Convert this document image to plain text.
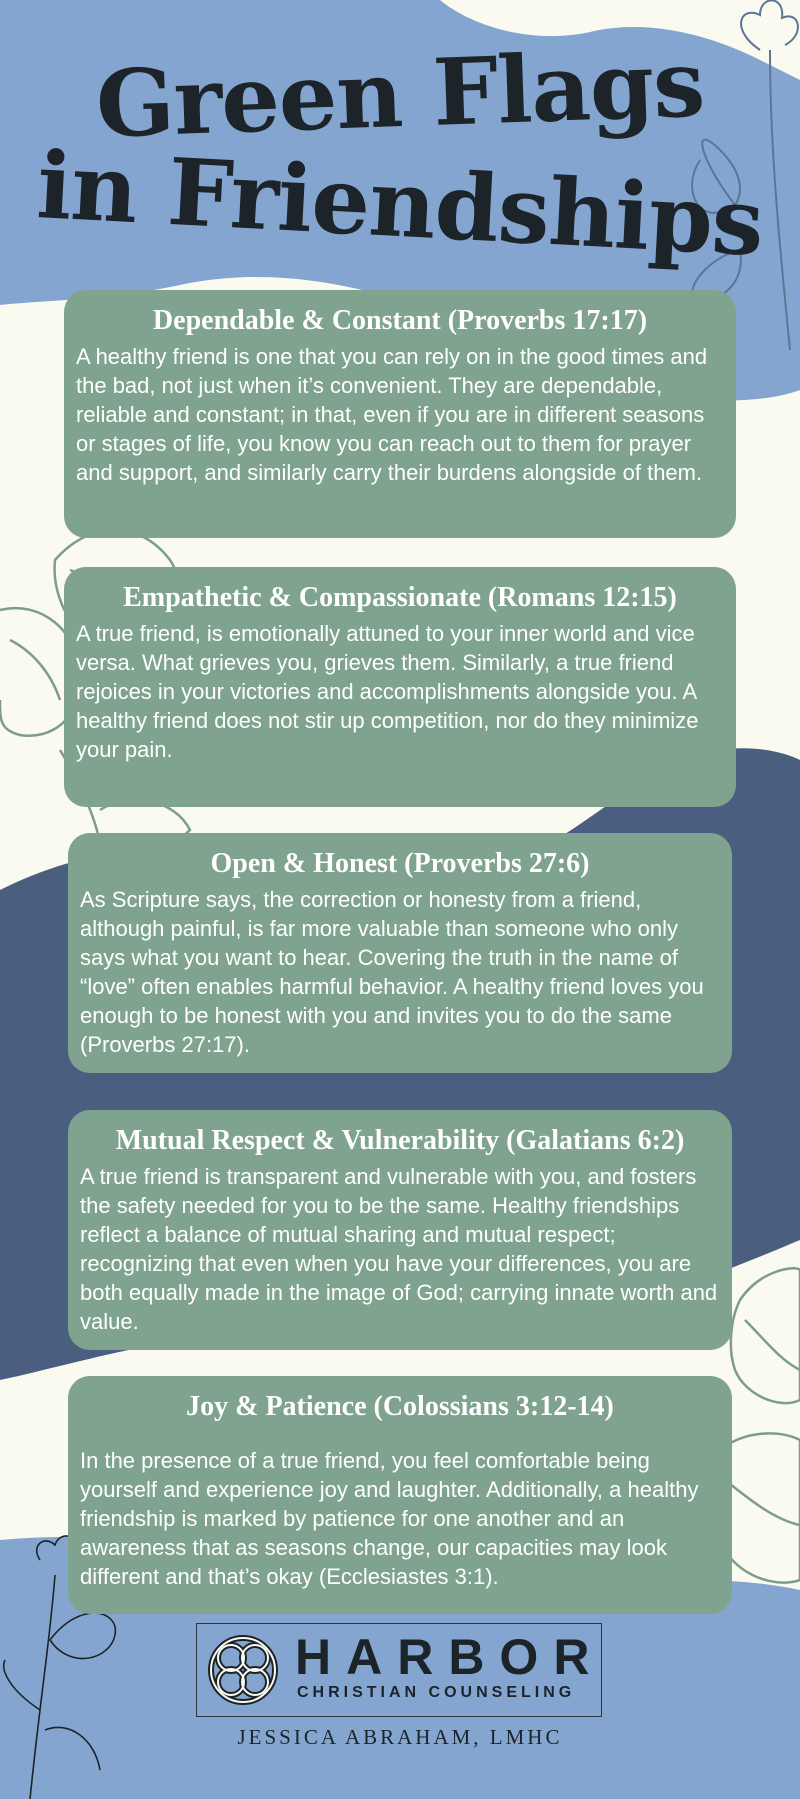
Green Flags
in Friendships
Dependable & Constant (Proverbs 17:17)

A healthy friend is one that you can rely on in the good times and the bad, not just when it’s convenient. They are dependable, reliable and constant; in that, even if you are in different seasons or stages of life, you know you can reach out to them for prayer and support, and similarly carry their burdens alongside of them.

Empathetic & Compassionate (Romans 12:15)

A true friend, is emotionally attuned to your inner world and vice versa. What grieves you, grieves them. Similarly, a true friend rejoices in your victories and accomplishments alongside you. A healthy friend does not stir up competition, nor do they minimize your pain.

Open & Honest (Proverbs 27:6)

As Scripture says, the correction or honesty from a friend, although painful, is far more valuable than someone who only says what you want to hear. Covering the truth in the name of “love” often enables harmful behavior. A healthy friend loves you enough to be honest with you and invites you to do the same (Proverbs 27:17).

Mutual Respect & Vulnerability (Galatians 6:2)

A true friend is transparent and vulnerable with you, and fosters the safety needed for you to be the same. Healthy friendships reflect a balance of mutual sharing and mutual respect; recognizing that even when you have your differences, you are both equally made in the image of God; carrying innate worth and value.

Joy & Patience (Colossians 3:12-14)

In the presence of a true friend, you feel comfortable being yourself and experience joy and laughter. Additionally, a healthy friendship is marked by patience for one another and an awareness that as seasons change, our capacities may look different and that’s okay (Ecclesiastes 3:1).

HARBOR

CHRISTIAN COUNSELING

JESSICA ABRAHAM, LMHC
